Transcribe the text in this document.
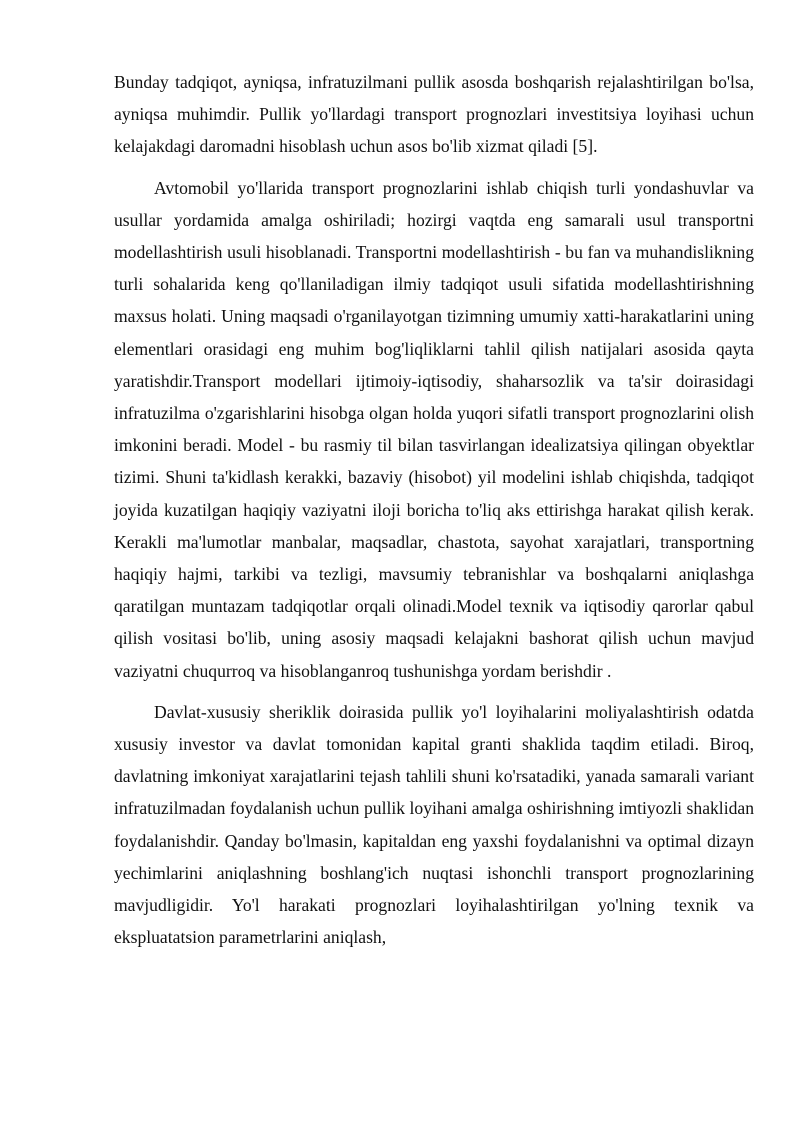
Bunday tadqiqot, ayniqsa, infratuzilmani pullik asosda boshqarish rejalashtirilgan bo'lsa, ayniqsa muhimdir. Pullik yo'llardagi transport prognozlari investitsiya loyihasi uchun kelajakdagi daromadni hisoblash uchun asos bo'lib xizmat qiladi [5].

Avtomobil yo'llarida transport prognozlarini ishlab chiqish turli yondashuvlar va usullar yordamida amalga oshiriladi; hozirgi vaqtda eng samarali usul transportni modellashtirish usuli hisoblanadi. Transportni modellashtirish - bu fan va muhandislikning turli sohalarida keng qo'llaniladigan ilmiy tadqiqot usuli sifatida modellashtirishning maxsus holati. Uning maqsadi o'rganilayotgan tizimning umumiy xatti-harakatlarini uning elementlari orasidagi eng muhim bog'liqliklarni tahlil qilish natijalari asosida qayta yaratishdir.Transport modellari ijtimoiy-iqtisodiy, shaharsozlik va ta'sir doirasidagi infratuzilma o'zgarishlarini hisobga olgan holda yuqori sifatli transport prognozlarini olish imkonini beradi. Model - bu rasmiy til bilan tasvirlangan idealizatsiya qilingan obyektlar tizimi. Shuni ta'kidlash kerakki, bazaviy (hisobot) yil modelini ishlab chiqishda, tadqiqot joyida kuzatilgan haqiqiy vaziyatni iloji boricha to'liq aks ettirishga harakat qilish kerak. Kerakli ma'lumotlar manbalar, maqsadlar, chastota, sayohat xarajatlari, transportning haqiqiy hajmi, tarkibi va tezligi, mavsumiy tebranishlar va boshqalarni aniqlashga qaratilgan muntazam tadqiqotlar orqali olinadi.Model texnik va iqtisodiy qarorlar qabul qilish vositasi bo'lib, uning asosiy maqsadi kelajakni bashorat qilish uchun mavjud vaziyatni chuqurroq va hisoblanganroq tushunishga yordam berishdir .

Davlat-xususiy sheriklik doirasida pullik yo'l loyihalarini moliyalashtirish odatda xususiy investor va davlat tomonidan kapital granti shaklida taqdim etiladi. Biroq, davlatning imkoniyat xarajatlarini tejash tahlili shuni ko'rsatadiki, yanada samarali variant infratuzilmadan foydalanish uchun pullik loyihani amalga oshirishning imtiyozli shaklidan foydalanishdir. Qanday bo'lmasin, kapitaldan eng yaxshi foydalanishni va optimal dizayn yechimlarini aniqlashning boshlang'ich nuqtasi ishonchli transport prognozlarining mavjudligidir. Yo'l harakati prognozlari loyihalashtirilgan yo'lning texnik va ekspluatatsion parametrlarini aniqlash,
